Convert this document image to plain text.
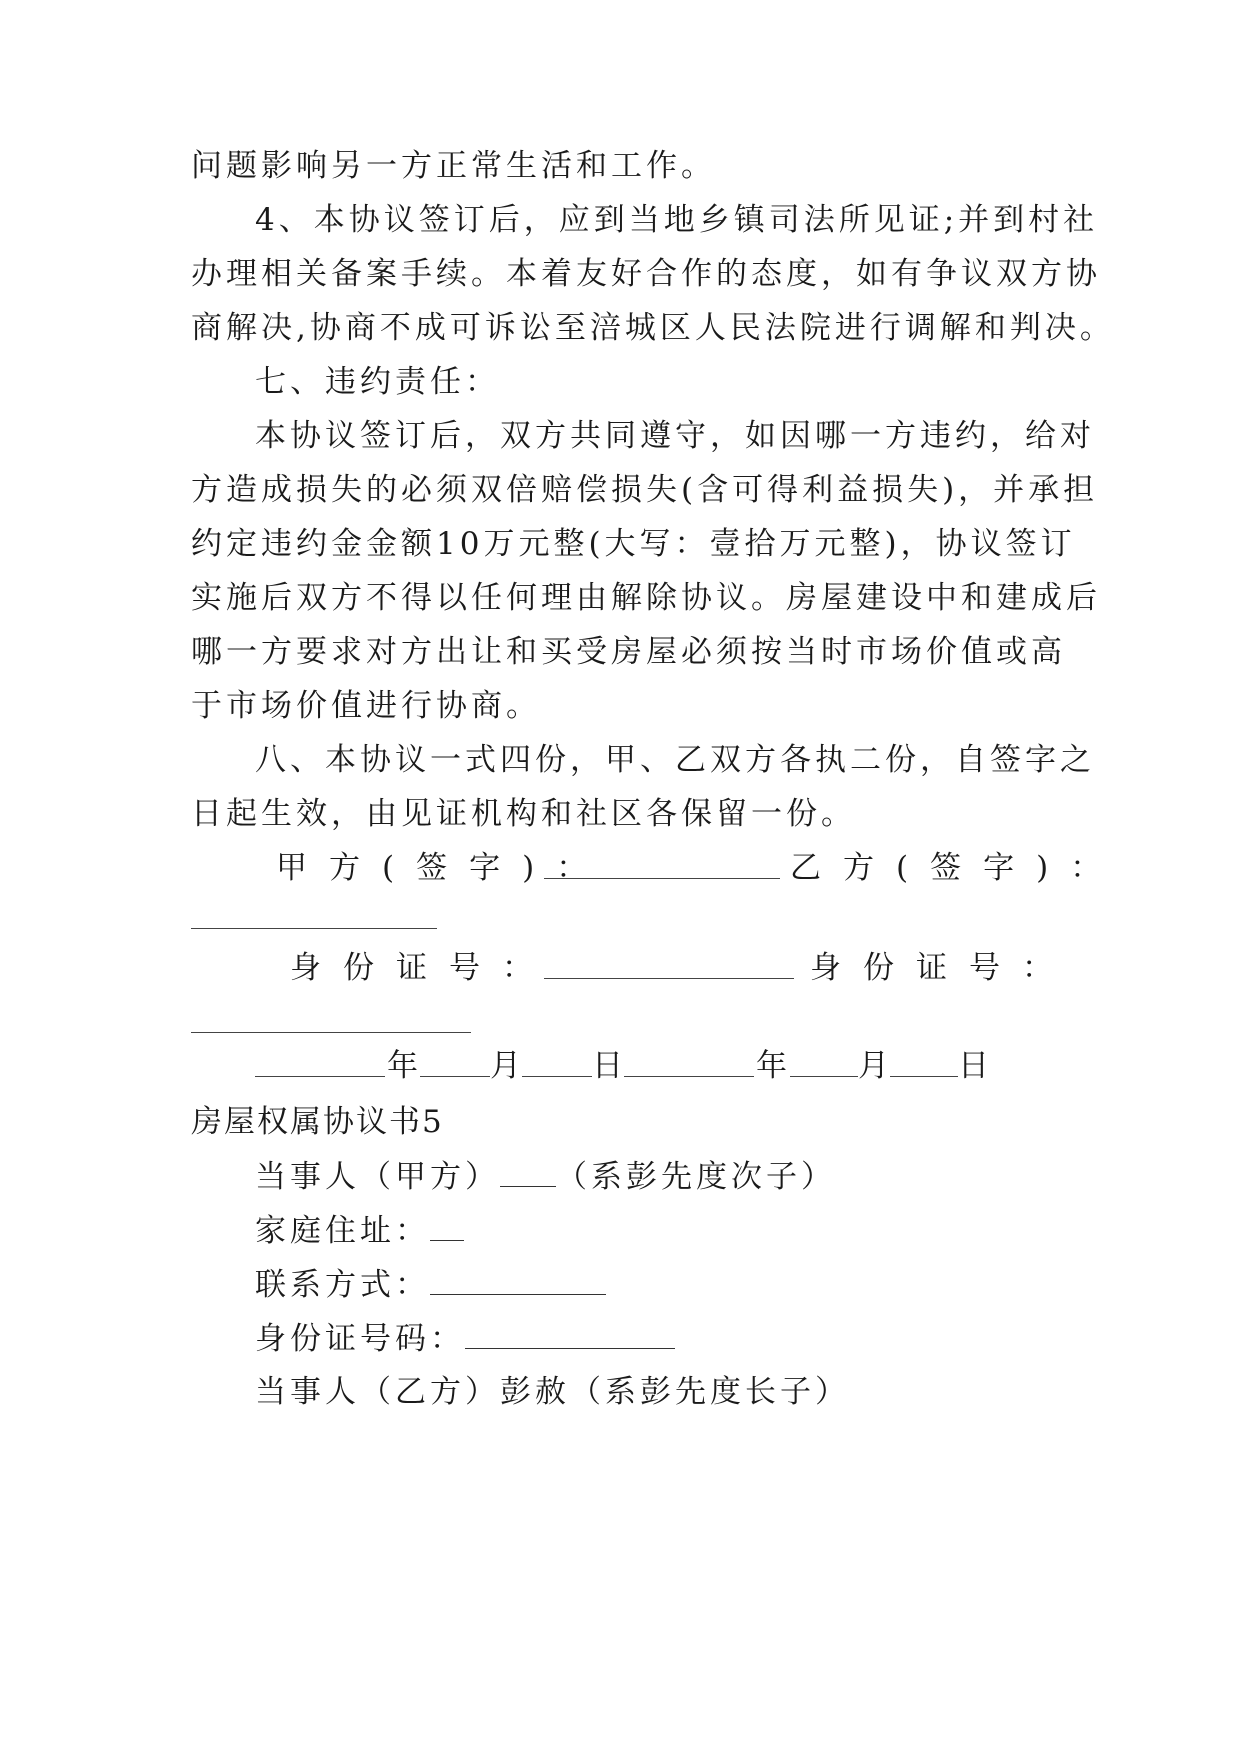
问题影响另一方正常生活和工作。
4、本协议签订后，应到当地乡镇司法所见证;并到村社
办理相关备案手续。本着友好合作的态度，如有争议双方协
商解决,协商不成可诉讼至涪城区人民法院进行调解和判决。
七、违约责任：
本协议签订后，双方共同遵守，如因哪一方违约，给对
方造成损失的必须双倍赔偿损失(含可得利益损失)，并承担
约定违约金金额10万元整(大写：壹拾万元整)，协议签订
实施后双方不得以任何理由解除协议。房屋建设中和建成后
哪一方要求对方出让和买受房屋必须按当时市场价值或高
于市场价值进行协商。
八、本协议一式四份，甲、乙双方各执二份，自签字之
日起生效，由见证机构和社区各保留一份。
甲方(签字)：	乙方(签字)：
身份证号：	身份证号：
年 月 日	年 月 日
房屋权属协议书5
当事人（甲方） （系彭先度次子）
家庭住址：
联系方式：
身份证号码：
当事人（乙方）彭赦（系彭先度长子）
